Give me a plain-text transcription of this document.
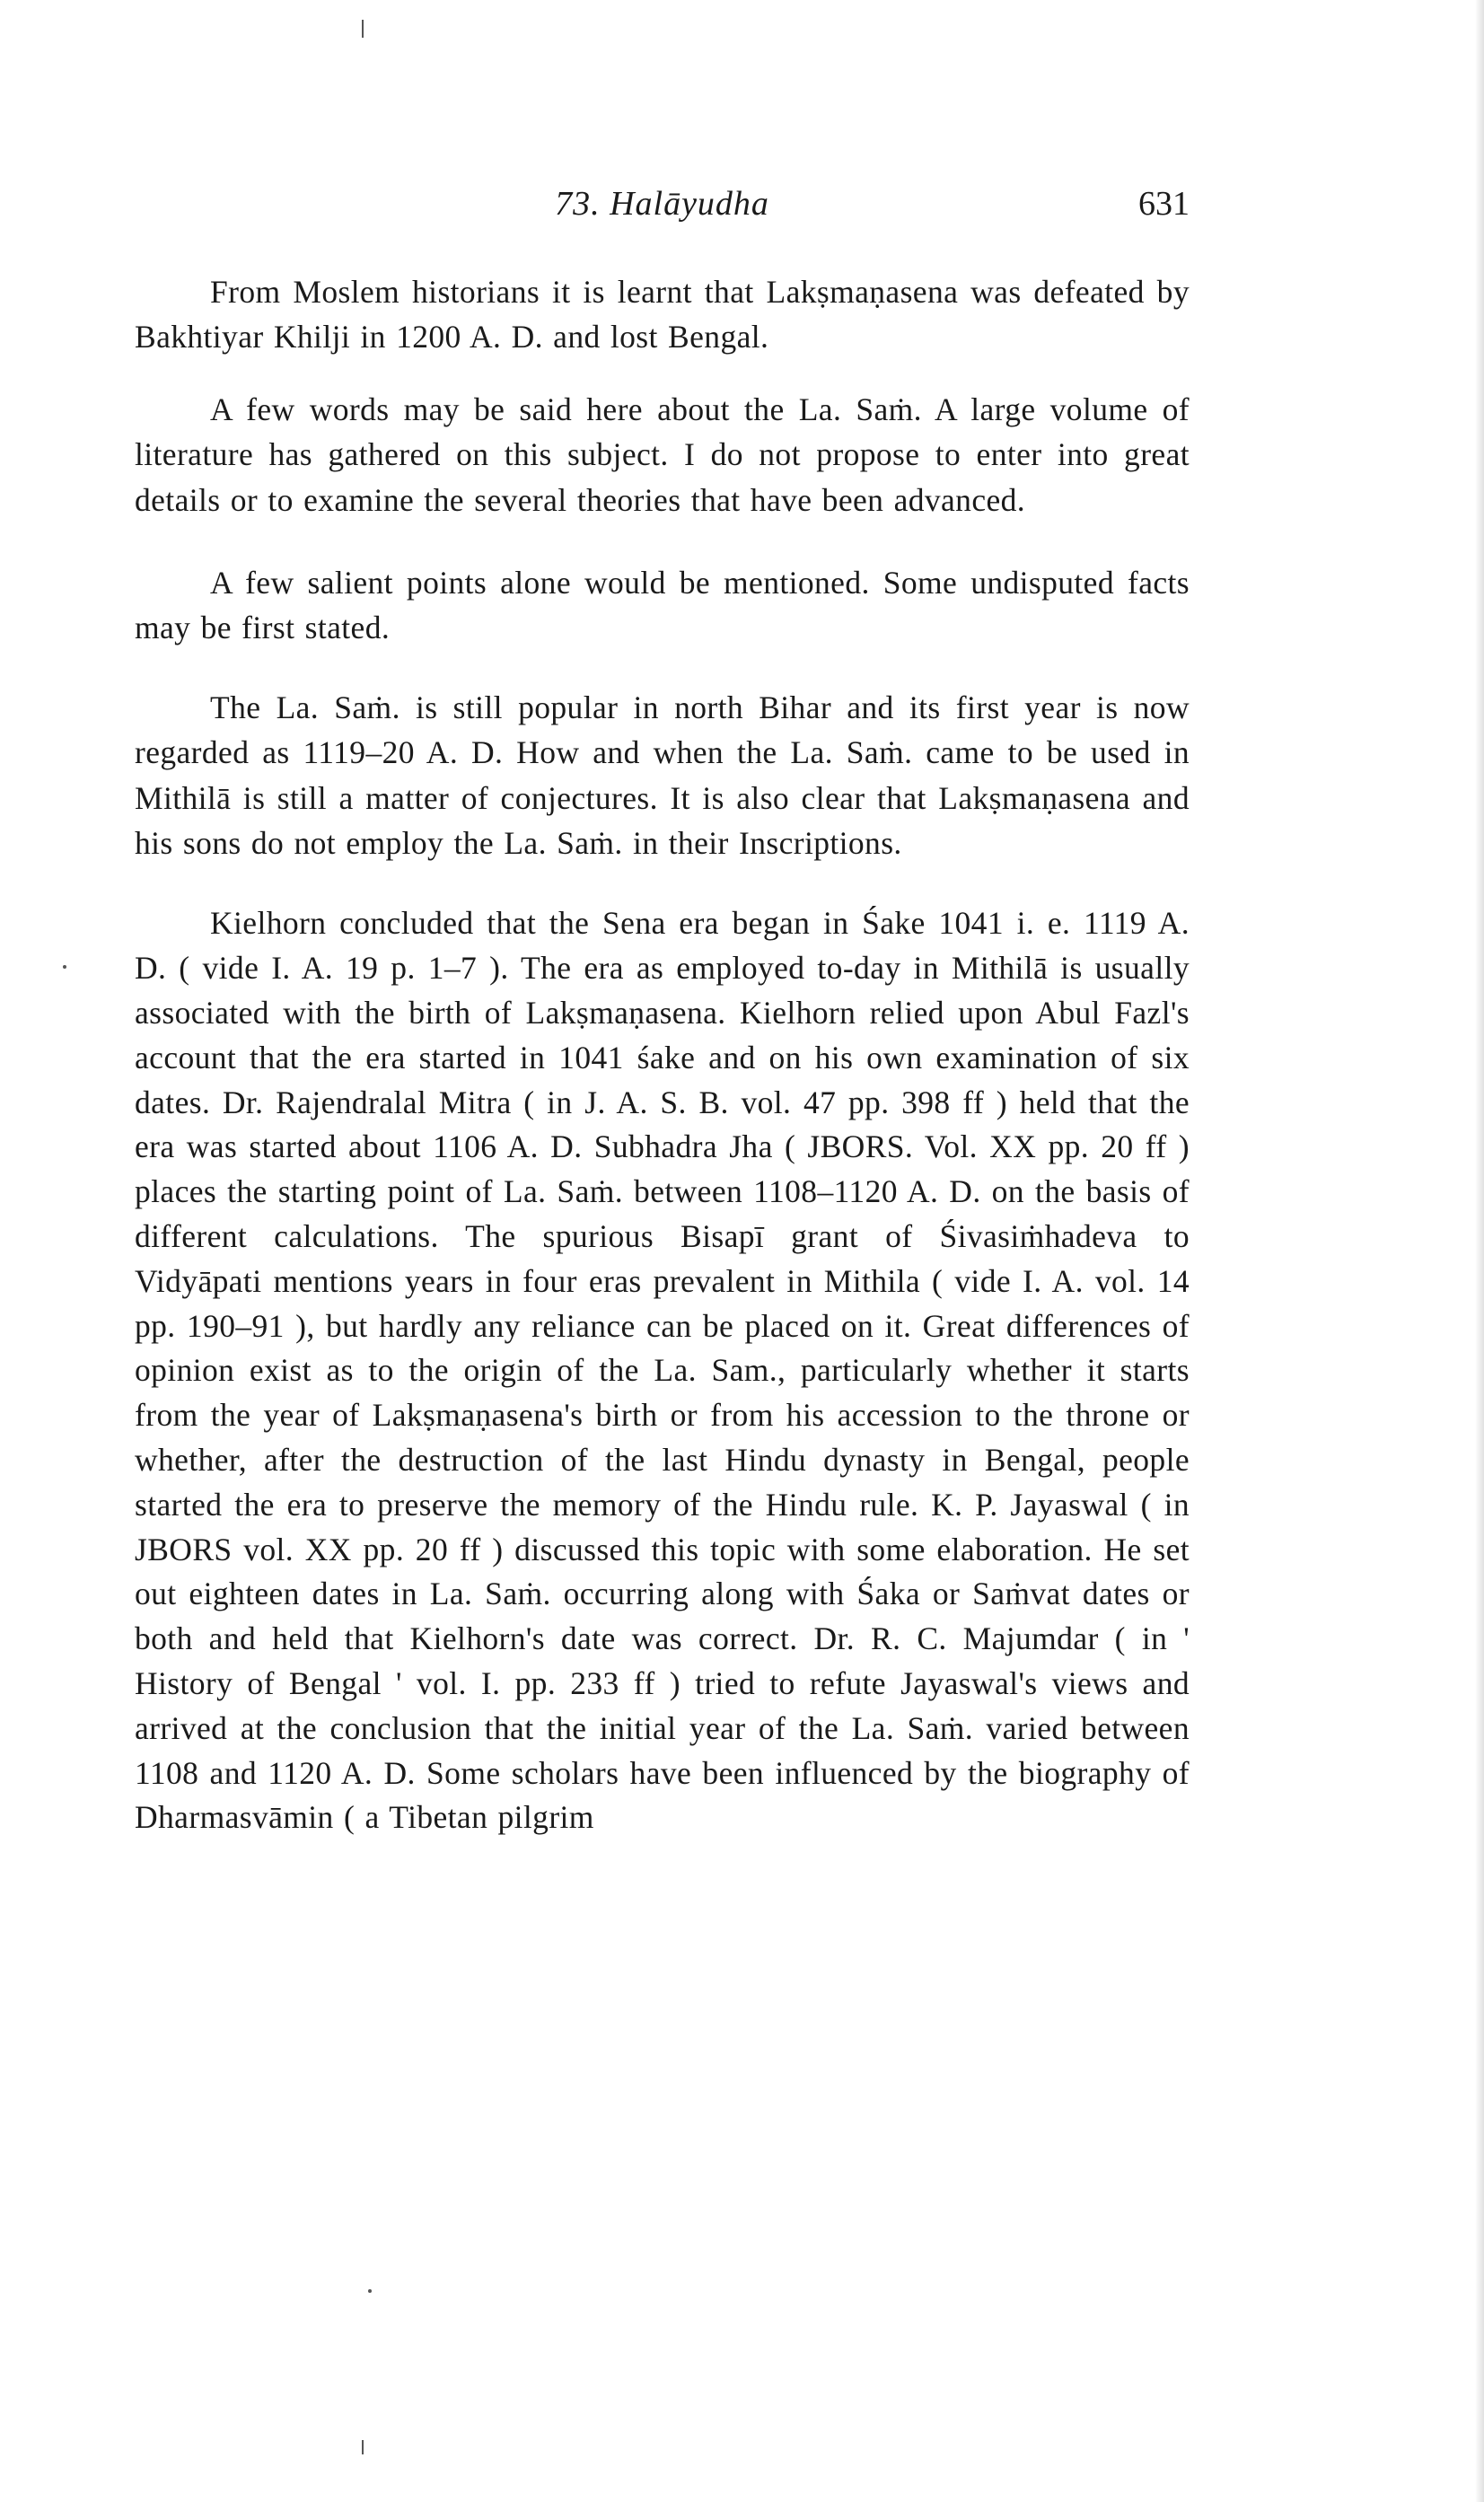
73. Halāyudha	631

From Moslem historians it is learnt that Lakṣmaṇasena was defeated by Bakhtiyar Khilji in 1200 A. D. and lost Bengal.

A few words may be said here about the La. Saṁ. A large volume of literature has gathered on this subject. I do not propose to enter into great details or to examine the several theories that have been advanced.

A few salient points alone would be mentioned. Some undisputed facts may be first stated.

The La. Saṁ. is still popular in north Bihar and its first year is now regarded as 1119–20 A. D. How and when the La. Saṁ. came to be used in Mithilā is still a matter of conjectures. It is also clear that Lakṣmaṇasena and his sons do not employ the La. Saṁ. in their Inscriptions.

Kielhorn concluded that the Sena era began in Śake 1041 i. e. 1119 A. D. ( vide I. A. 19 p. 1–7 ). The era as employed to-day in Mithilā is usually associated with the birth of Lakṣmaṇasena. Kielhorn relied upon Abul Fazl's account that the era started in 1041 śake and on his own examination of six dates. Dr. Rajendralal Mitra ( in J. A. S. B. vol. 47 pp. 398 ff ) held that the era was started about 1106 A. D. Subhadra Jha ( JBORS. Vol. XX pp. 20 ff ) places the starting point of La. Saṁ. between 1108–1120 A. D. on the basis of different calculations. The spurious Bisapī grant of Śivasiṁhadeva to Vidyāpati mentions years in four eras prevalent in Mithila ( vide I. A. vol. 14 pp. 190–91 ), but hardly any reliance can be placed on it. Great differences of opinion exist as to the origin of the La. Sam., particularly whether it starts from the year of Lakṣmaṇasena's birth or from his accession to the throne or whether, after the destruction of the last Hindu dynasty in Bengal, people started the era to preserve the memory of the Hindu rule. K. P. Jayaswal ( in JBORS vol. XX pp. 20 ff ) discussed this topic with some elaboration. He set out eighteen dates in La. Saṁ. occurring along with Śaka or Saṁvat dates or both and held that Kielhorn's date was correct. Dr. R. C. Majumdar ( in ' History of Bengal ' vol. I. pp. 233 ff ) tried to refute Jayaswal's views and arrived at the conclusion that the initial year of the La. Saṁ. varied between 1108 and 1120 A. D. Some scholars have been influenced by the biography of Dharmasvāmin ( a Tibetan pilgrim
